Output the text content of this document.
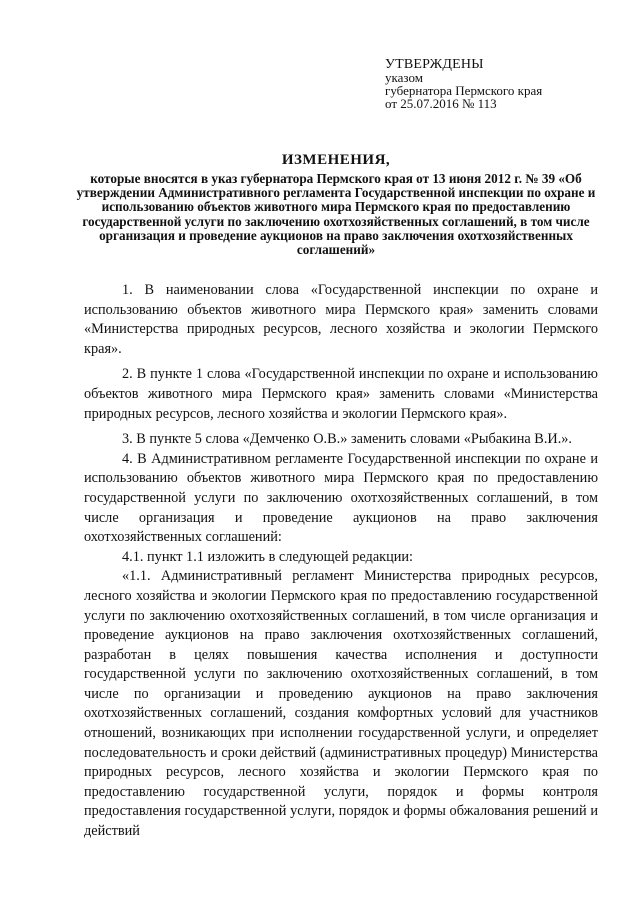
УТВЕРЖДЕНЫ
указом
губернатора Пермского края
от 25.07.2016 № 113
ИЗМЕНЕНИЯ,
которые вносятся в указ губернатора Пермского края от 13 июня 2012 г. № 39 «Об утверждении Административного регламента Государственной инспекции по охране и использованию объектов животного мира Пермского края по предоставлению государственной услуги по заключению охотхозяйственных соглашений, в том числе организация и проведение аукционов на право заключения охотхозяйственных соглашений»

1. В наименовании слова «Государственной инспекции по охране и использованию объектов животного мира Пермского края» заменить словами «Министерства природных ресурсов, лесного хозяйства и экологии Пермского края».

2. В пункте 1 слова «Государственной инспекции по охране и использованию объектов животного мира Пермского края» заменить словами «Министерства природных ресурсов, лесного хозяйства и экологии Пермского края».

3. В пункте 5 слова «Демченко О.В.» заменить словами «Рыбакина В.И.».

4. В Административном регламенте Государственной инспекции по охране и использованию объектов животного мира Пермского края по предоставлению государственной услуги по заключению охотхозяйственных соглашений, в том числе организация и проведение аукционов на право заключения охотхозяйственных соглашений:

4.1. пункт 1.1 изложить в следующей редакции:

«1.1. Административный регламент Министерства природных ресурсов, лесного хозяйства и экологии Пермского края по предоставлению государственной услуги по заключению охотхозяйственных соглашений, в том числе организация и проведение аукционов на право заключения охотхозяйственных соглашений, разработан в целях повышения качества исполнения и доступности государственной услуги по заключению охотхозяйственных соглашений, в том числе по организации и проведению аукционов на право заключения охотхозяйственных соглашений, создания комфортных условий для участников отношений, возникающих при исполнении государственной услуги, и определяет последовательность и сроки действий (административных процедур) Министерства природных ресурсов, лесного хозяйства и экологии Пермского края по предоставлению государственной услуги, порядок и формы контроля предоставления государственной услуги, порядок и формы обжалования решений и действий
